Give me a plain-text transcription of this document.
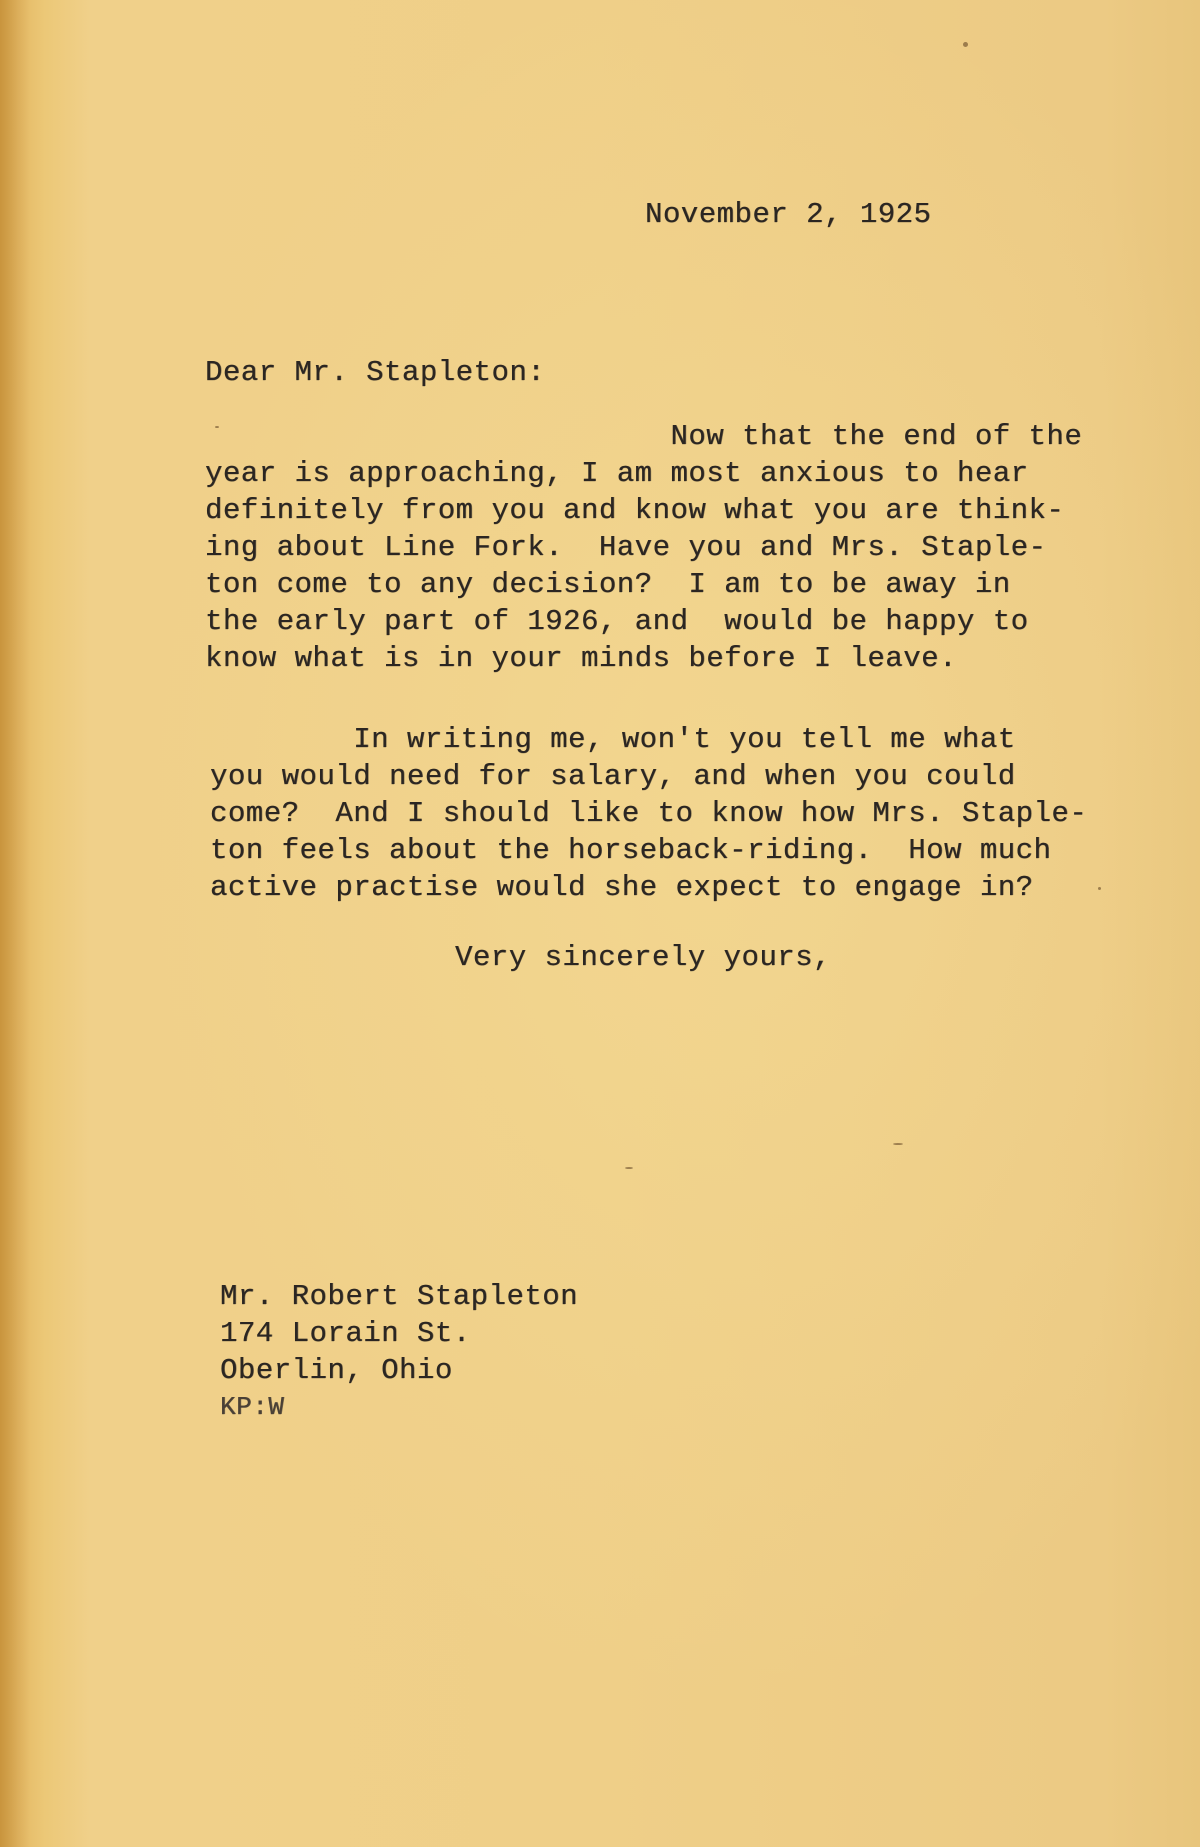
November 2, 1925

Dear Mr. Stapleton:

Now that the end of the
year is approaching, I am most anxious to hear
definitely from you and know what you are think-
ing about Line Fork.  Have you and Mrs. Staple-
ton come to any decision?  I am to be away in
the early part of 1926, and  would be happy to
know what is in your minds before I leave.
In writing me, won't you tell me what
you would need for salary, and when you could
come?  And I should like to know how Mrs. Staple-
ton feels about the horseback-riding.  How much
active practise would she expect to engage in?

Very sincerely yours,

Mr. Robert Stapleton
174 Lorain St.
Oberlin, Ohio

KP:W
